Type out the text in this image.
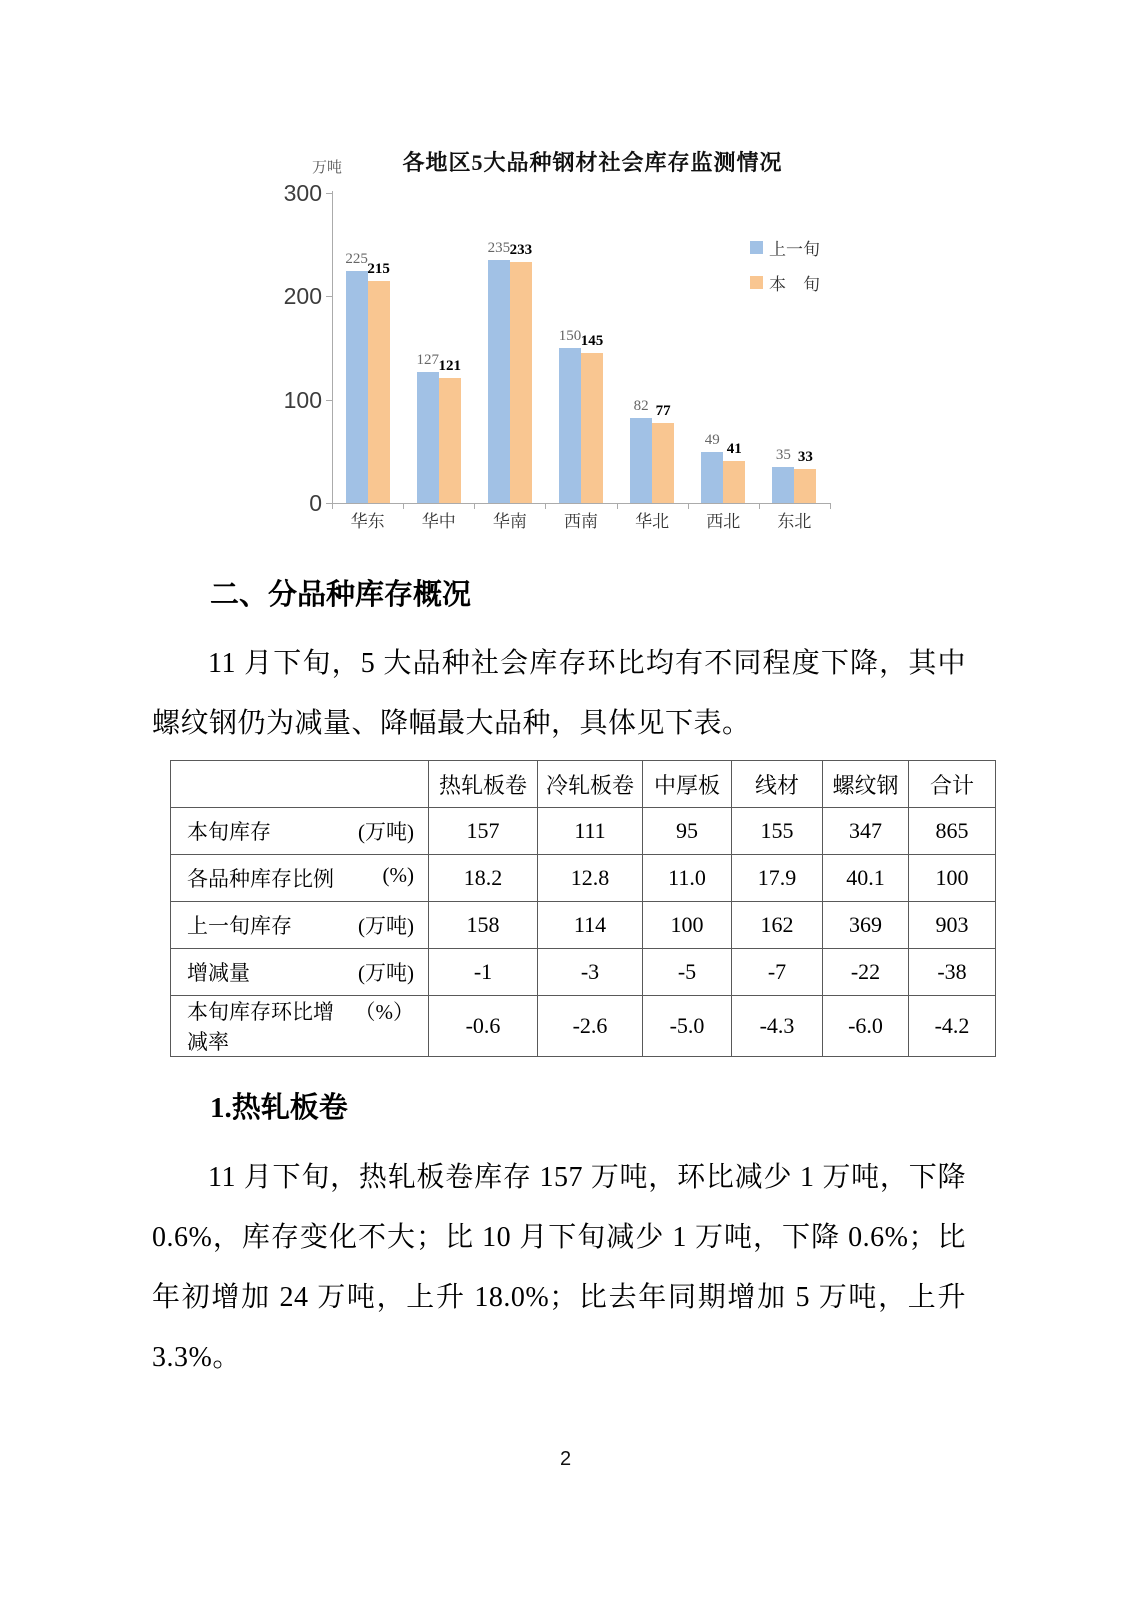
万吨	各地区5大品种钢材社会库存监测情况
0
100
200
300
225
215
华东
127 121
华中
235 233
华南
150 145
西南
82 77
华北
49
41
西北
35 33
东北
上一旬
本　旬
二、分品种库存概况
11 月下旬，5 大品种社会库存环比均有不同程度下降，其中螺纹钢仍为减量、降幅最大品种，具体见下表。
	热轧板卷	冷轧板卷	中厚板	线材	螺纹钢	合计

本旬库存 (万吨)	157	111	95	155	347	865

各品种库存比例 (%)	18.2	12.8	11.0	17.9	40.1	100

上一旬库存 (万吨)	158	114	100	162	369	903

增减量 (万吨)	-1	-3	-5	-7	-22	-38

本旬库存环比增减率
（%）	-0.6	-2.6	-5.0	-4.3	-6.0	-4.2
1.热轧板卷
11 月下旬，热轧板卷库存 157 万吨，环比减少 1 万吨，下降 0.6%，库存变化不大；比 10 月下旬减少 1 万吨，下降 0.6%；比年初增加 24 万吨，上升 18.0%；比去年同期增加 5 万吨，上升 3.3%。
2
